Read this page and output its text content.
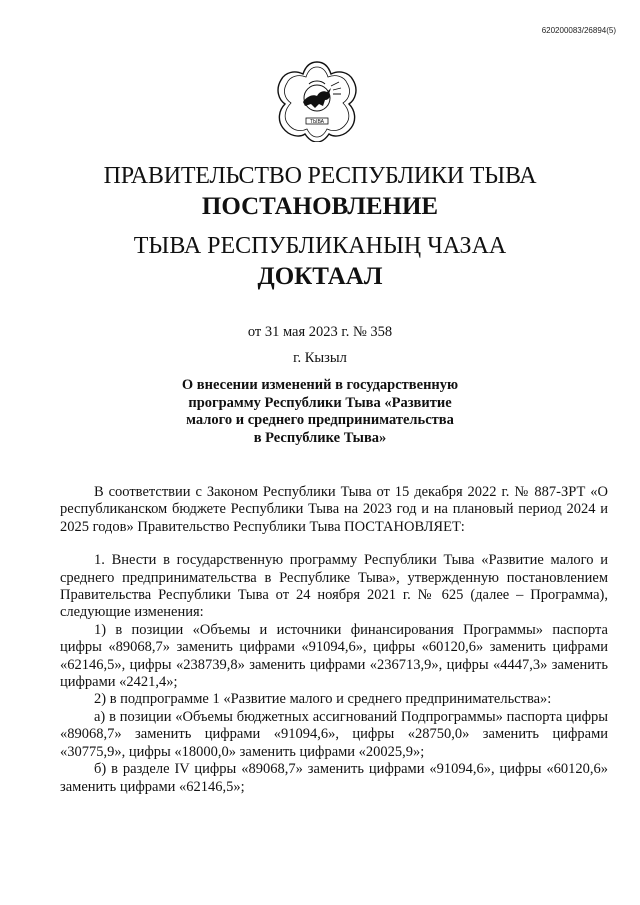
620200083/26894(5)
ТЫВА
ПРАВИТЕЛЬСТВО РЕСПУБЛИКИ ТЫВА
ПОСТАНОВЛЕНИЕ
ТЫВА РЕСПУБЛИКАНЫҢ ЧАЗАА
ДОКТААЛ
от 31 мая 2023 г. № 358
г. Кызыл
О внесении изменений в государственную
программу Республики Тыва «Развитие
малого и среднего предпринимательства
в Республике Тыва»

В соответствии с Законом Республики Тыва от 15 декабря 2022 г. № 887-ЗРТ «О республиканском бюджете Республики Тыва на 2023 год и на плановый период 2024 и 2025 годов» Правительство Республики Тыва ПОСТАНОВЛЯЕТ:

1. Внести в государственную программу Республики Тыва «Развитие малого и среднего предпринимательства в Республике Тыва», утвержденную постановлением Правительства Республики Тыва от 24 ноября 2021 г. № 625 (далее – Программа), следующие изменения:

1) в позиции «Объемы и источники финансирования Программы» паспорта цифры «89068,7» заменить цифрами «91094,6», цифры «60120,6» заменить цифрами «62146,5», цифры «238739,8» заменить цифрами «236713,9», цифры «4447,3» заменить цифрами «2421,4»;

2) в подпрограмме 1 «Развитие малого и среднего предпринимательства»:

а) в позиции «Объемы бюджетных ассигнований Подпрограммы» паспорта цифры «89068,7» заменить цифрами «91094,6», цифры «28750,0» заменить цифрами «30775,9», цифры «18000,0» заменить цифрами «20025,9»;

б) в разделе IV цифры «89068,7» заменить цифрами «91094,6», цифры «60120,6» заменить цифрами «62146,5»;
